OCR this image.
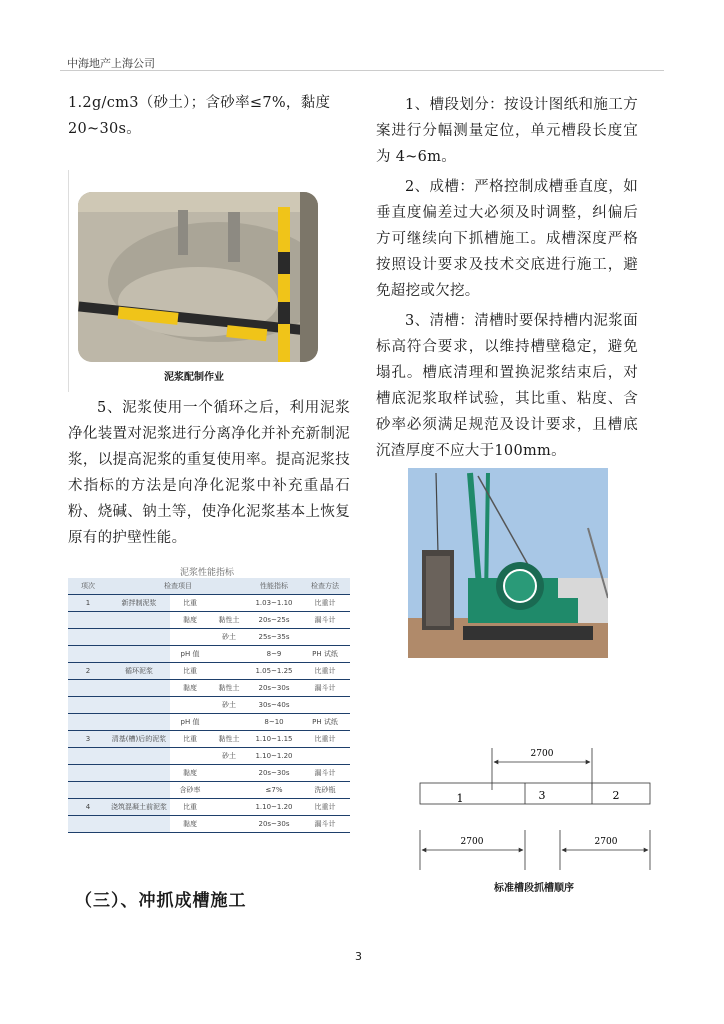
中海地产上海公司
1.2g/cm3（砂土）；含砂率≤7%，黏度
20~30s。
泥浆配制作业
5、泥浆使用一个循环之后，利用泥浆净化装置对泥浆进行分离净化并补充新制泥浆，以提高泥浆的重复使用率。提高泥浆技术指标的方法是向净化泥浆中补充重晶石粉、烧碱、钠土等，使净化泥浆基本上恢复原有的护壁性能。
泥浆性能指标
项次	检查项目			性能指标	检查方法
1	新拌制泥浆	比重		1.03~1.10	比重计
		黏度	黏性土	20s~25s	漏斗计
			砂土	25s~35s	
		pH 值		8~9	PH 试纸
2	循环泥浆	比重		1.05~1.25	比重计
		黏度	黏性土	20s~30s	漏斗计
			砂土	30s~40s	
		pH 值		8~10	PH 试纸
3	清基(槽)后的泥浆	比重	黏性土	1.10~1.15	比重计
			砂土	1.10~1.20	
		黏度		20s~30s	漏斗计
		含砂率		≤7%	洗砂瓶
4	浇筑混凝土前泥浆	比重		1.10~1.20	比重计
		黏度		20s~30s	漏斗计
（三）、冲抓成槽施工
1、槽段划分：按设计图纸和施工方案进行分幅测量定位，单元槽段长度宜为 4~6m。
2、成槽：严格控制成槽垂直度，如垂直度偏差过大必须及时调整，纠偏后方可继续向下抓槽施工。成槽深度严格按照设计要求及技术交底进行施工，避免超挖或欠挖。
3、清槽：清槽时要保持槽内泥浆面标高符合要求，以维持槽壁稳定，避免塌孔。槽底清理和置换泥浆结束后，对槽底泥浆取样试验，其比重、粘度、含砂率必须满足规范及设计要求，且槽底沉渣厚度不应大于100mm。
2700
1	3	2
2700	2700
标准槽段抓槽顺序
3
